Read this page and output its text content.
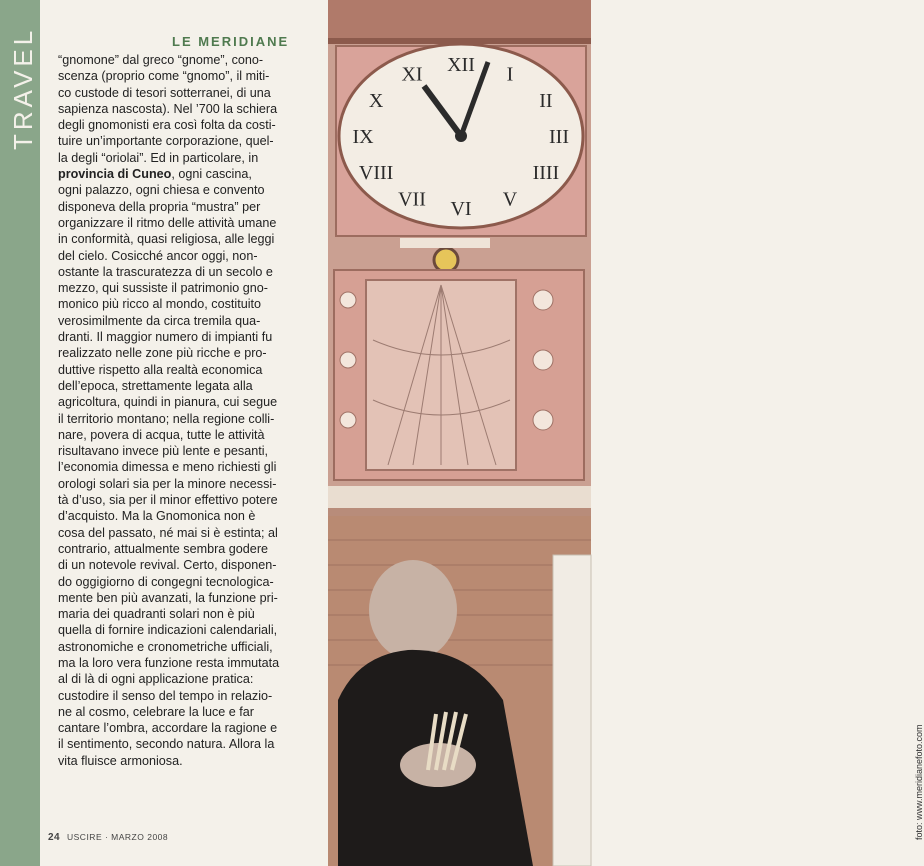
TRAVEL	LE MERIDIANE
“gnomone” dal greco “gnome”, cono-
scenza (proprio come “gnomo”, il miti-
co custode di tesori sotterranei, di una
sapienza nascosta). Nel ’700 la schiera
degli gnomonisti era così folta da costi-
tuire un’importante corporazione, quel-
la degli “oriolai”. Ed in particolare, in
provincia di Cuneo, ogni cascina,
ogni palazzo, ogni chiesa e convento
disponeva della propria “mustra” per
organizzare il ritmo delle attività umane
in conformità, quasi religiosa, alle leggi
del cielo. Cosicché ancor oggi, non-
ostante la trascuratezza di un secolo e
mezzo, qui sussiste il patrimonio gno-
monico più ricco al mondo, costituito
verosimilmente da circa tremila qua-
dranti. Il maggior numero di impianti fu
realizzato nelle zone più ricche e pro-
duttive rispetto alla realtà economica
dell’epoca, strettamente legata alla
agricoltura, quindi in pianura, cui segue
il territorio montano; nella regione colli-
nare, povera di acqua, tutte le attività
risultavano invece più lente e pesanti,
l’economia dimessa e meno richiesti gli
orologi solari sia per la minore necessi-
tà d’uso, sia per il minor effettivo potere
d’acquisto. Ma la Gnomonica non è
cosa del passato, né mai si è estinta; al
contrario, attualmente sembra godere
di un notevole revival. Certo, disponen-
do oggigiorno di congegni tecnologica-
mente ben più avanzati, la funzione pri-
maria dei quadranti solari non è più
quella di fornire indicazioni calendariali,
astronomiche e cronometriche ufficiali,
ma la loro vera funzione resta immutata
al di là di ogni applicazione pratica:
custodire il senso del tempo in relazio-
ne al cosmo, celebrare la luce e far
cantare l’ombra, accordare la ragione e
il sentimento, secondo natura. Allora la
vita fluisce armoniosa.
24 USCIRE · MARZO 2008
XII I
II
III
IIII
V
VI
VII
VIII
IX
X
XI
foto: www.meridianefoto.com
